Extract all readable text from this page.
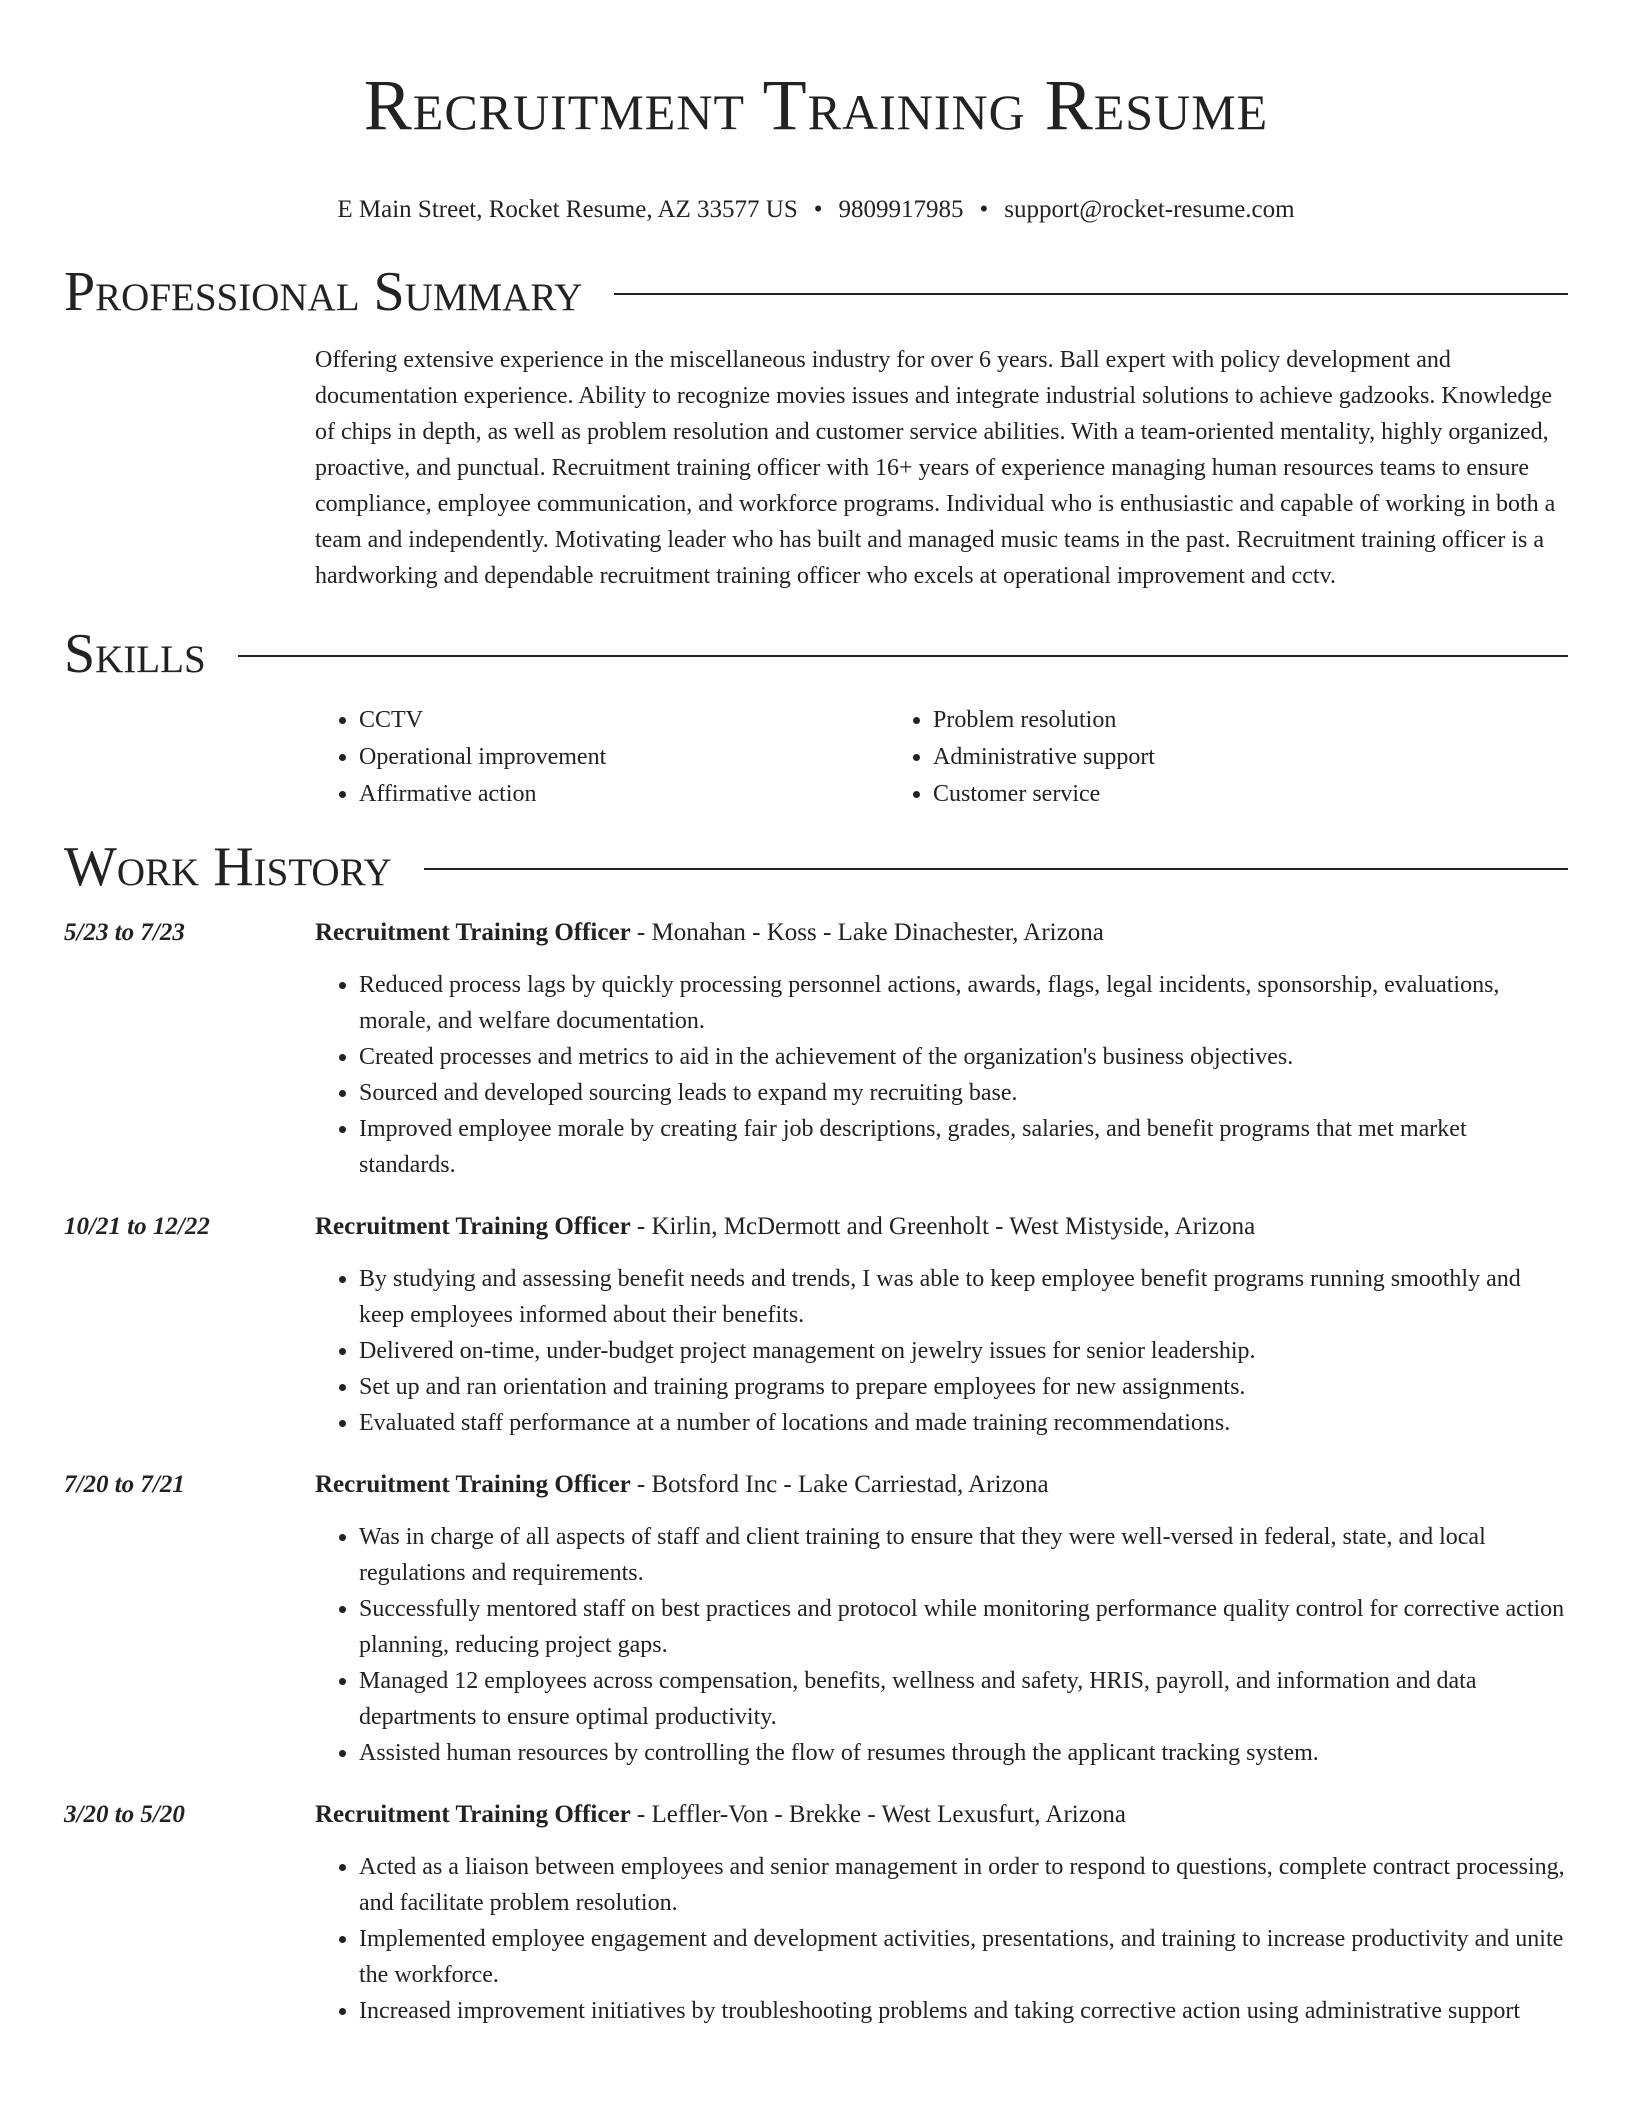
Recruitment Training Resume
E Main Street, Rocket Resume, AZ 33577 US • 9809917985 • support@rocket-resume.com
Professional Summary
Offering extensive experience in the miscellaneous industry for over 6 years. Ball expert with policy development and documentation experience. Ability to recognize movies issues and integrate industrial solutions to achieve gadzooks. Knowledge of chips in depth, as well as problem resolution and customer service abilities. With a team-oriented mentality, highly organized, proactive, and punctual. Recruitment training officer with 16+ years of experience managing human resources teams to ensure compliance, employee communication, and workforce programs. Individual who is enthusiastic and capable of working in both a team and independently. Motivating leader who has built and managed music teams in the past. Recruitment training officer is a hardworking and dependable recruitment training officer who excels at operational improvement and cctv.
Skills
• CCTV
• Operational improvement
• Affirmative action
• Problem resolution
• Administrative support
• Customer service
Work History
5/23 to 7/23	Recruitment Training Officer - Monahan - Koss - Lake Dinachester, Arizona
• Reduced process lags by quickly processing personnel actions, awards, flags, legal incidents, sponsorship, evaluations, morale, and welfare documentation.
• Created processes and metrics to aid in the achievement of the organization's business objectives.
• Sourced and developed sourcing leads to expand my recruiting base.
• Improved employee morale by creating fair job descriptions, grades, salaries, and benefit programs that met market standards.
10/21 to 12/22	Recruitment Training Officer - Kirlin, McDermott and Greenholt - West Mistyside, Arizona
• By studying and assessing benefit needs and trends, I was able to keep employee benefit programs running smoothly and keep employees informed about their benefits.
• Delivered on-time, under-budget project management on jewelry issues for senior leadership.
• Set up and ran orientation and training programs to prepare employees for new assignments.
• Evaluated staff performance at a number of locations and made training recommendations.
7/20 to 7/21	Recruitment Training Officer - Botsford Inc - Lake Carriestad, Arizona
• Was in charge of all aspects of staff and client training to ensure that they were well-versed in federal, state, and local regulations and requirements.
• Successfully mentored staff on best practices and protocol while monitoring performance quality control for corrective action planning, reducing project gaps.
• Managed 12 employees across compensation, benefits, wellness and safety, HRIS, payroll, and information and data departments to ensure optimal productivity.
• Assisted human resources by controlling the flow of resumes through the applicant tracking system.
3/20 to 5/20	Recruitment Training Officer - Leffler-Von - Brekke - West Lexusfurt, Arizona
• Acted as a liaison between employees and senior management in order to respond to questions, complete contract processing, and facilitate problem resolution.
• Implemented employee engagement and development activities, presentations, and training to increase productivity and unite the workforce.
• Increased improvement initiatives by troubleshooting problems and taking corrective action using administrative support
